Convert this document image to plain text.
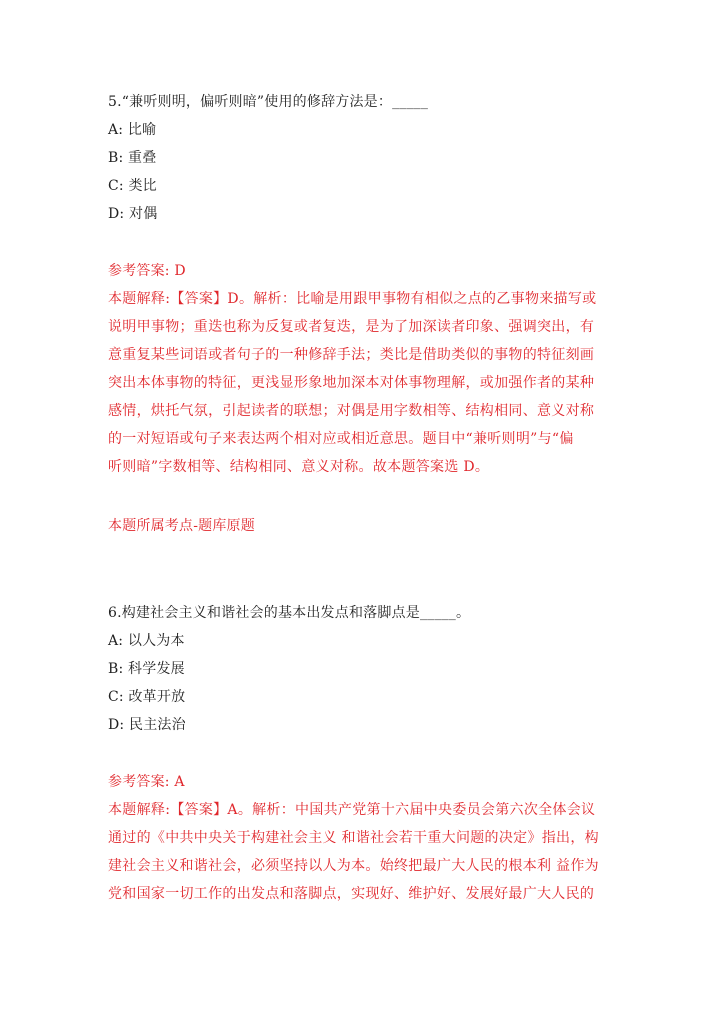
5.“兼听则明，偏听则暗”使用的修辞方法是：_____

A: 比喻

B: 重叠

C: 类比

D: 对偶

参考答案: D

本题解释:【答案】D。解析：比喻是用跟甲事物有相似之点的乙事物来描写或
说明甲事物；重迭也称为反复或者复迭，是为了加深读者印象、强调突出，有
意重复某些词语或者句子的一种修辞手法；类比是借助类似的事物的特征刻画
突出本体事物的特征，更浅显形象地加深本对体事物理解，或加强作者的某种
感情，烘托气氛，引起读者的联想；对偶是用字数相等、结构相同、意义对称
的一对短语或句子来表达两个相对应或相近意思。题目中“兼听则明”与“偏
听则暗”字数相等、结构相同、意义对称。故本题答案选 D。

本题所属考点-题库原题

6.构建社会主义和谐社会的基本出发点和落脚点是_____。

A: 以人为本

B: 科学发展

C: 改革开放

D: 民主法治

参考答案: A

本题解释:【答案】A。解析：中国共产党第十六届中央委员会第六次全体会议
通过的《中共中央关于构建社会主义 和谐社会若干重大问题的决定》指出，构
建社会主义和谐社会，必须坚持以人为本。始终把最广大人民的根本利 益作为
党和国家一切工作的出发点和落脚点，实现好、维护好、发展好最广大人民的
